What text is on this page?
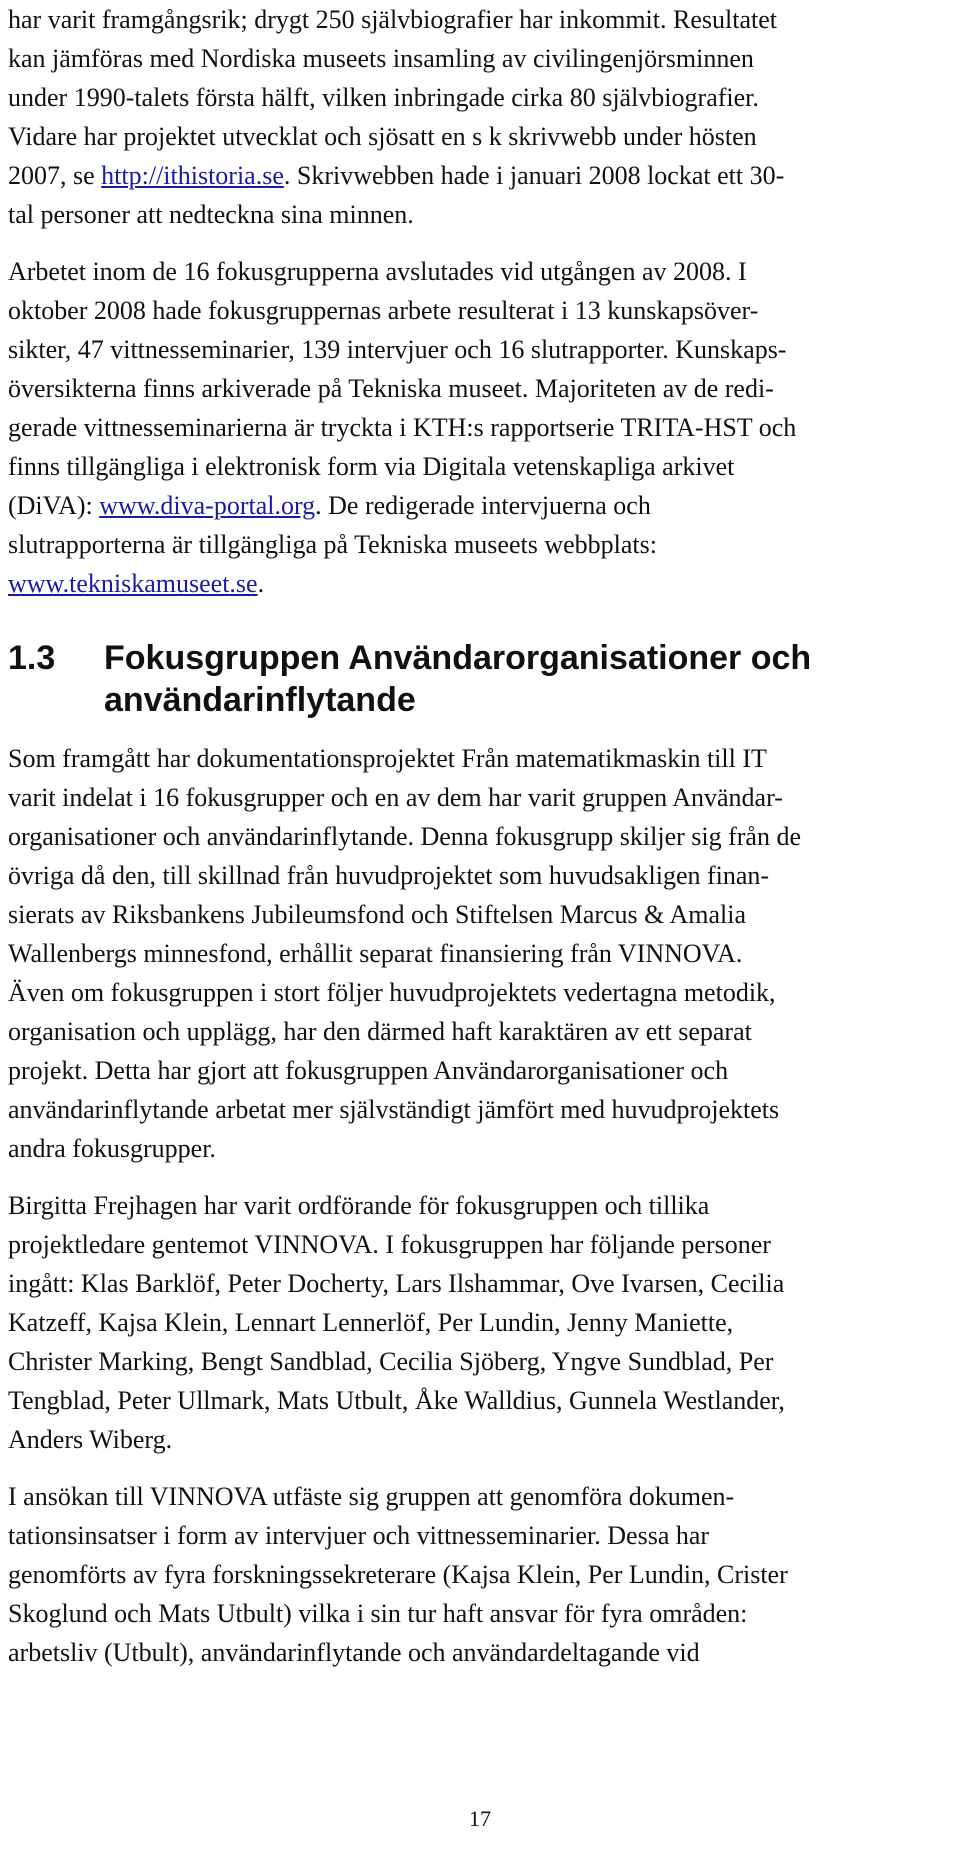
har varit framgångsrik; drygt 250 självbiografier har inkommit. Resultatet
kan jämföras med Nordiska museets insamling av civilingenjörsminnen
under 1990-talets första hälft, vilken inbringade cirka 80 självbiografier.
Vidare har projektet utvecklat och sjösatt en s k skrivwebb under hösten
2007, se http://ithistoria.se. Skrivwebben hade i januari 2008 lockat ett 30-
tal personer att nedteckna sina minnen.

Arbetet inom de 16 fokusgrupperna avslutades vid utgången av 2008. I
oktober 2008 hade fokusgruppernas arbete resulterat i 13 kunskapsöver-
sikter, 47 vittnesseminarier, 139 intervjuer och 16 slutrapporter. Kunskaps-
översikterna finns arkiverade på Tekniska museet. Majoriteten av de redi-
gerade vittnesseminarierna är tryckta i KTH:s rapportserie TRITA-HST och
finns tillgängliga i elektronisk form via Digitala vetenskapliga arkivet
(DiVA): www.diva-portal.org. De redigerade intervjuerna och
slutrapporterna är tillgängliga på Tekniska museets webbplats:
www.tekniskamuseet.se.

1.3	Fokusgruppen Användarorganisationer och
användarinflytande

Som framgått har dokumentationsprojektet Från matematikmaskin till IT
varit indelat i 16 fokusgrupper och en av dem har varit gruppen Användar-
organisationer och användarinflytande. Denna fokusgrupp skiljer sig från de
övriga då den, till skillnad från huvudprojektet som huvudsakligen finan-
sierats av Riksbankens Jubileumsfond och Stiftelsen Marcus & Amalia
Wallenbergs minnesfond, erhållit separat finansiering från VINNOVA.
Även om fokusgruppen i stort följer huvudprojektets vedertagna metodik,
organisation och upplägg, har den därmed haft karaktären av ett separat
projekt. Detta har gjort att fokusgruppen Användarorganisationer och
användarinflytande arbetat mer självständigt jämfört med huvudprojektets
andra fokusgrupper.

Birgitta Frejhagen har varit ordförande för fokusgruppen och tillika
projektledare gentemot VINNOVA. I fokusgruppen har följande personer
ingått: Klas Barklöf, Peter Docherty, Lars Ilshammar, Ove Ivarsen, Cecilia
Katzeff, Kajsa Klein, Lennart Lennerlöf, Per Lundin, Jenny Maniette,
Christer Marking, Bengt Sandblad, Cecilia Sjöberg, Yngve Sundblad, Per
Tengblad, Peter Ullmark, Mats Utbult, Åke Walldius, Gunnela Westlander,
Anders Wiberg.

I ansökan till VINNOVA utfäste sig gruppen att genomföra dokumen-
tationsinsatser i form av intervjuer och vittnesseminarier. Dessa har
genomförts av fyra forskningssekreterare (Kajsa Klein, Per Lundin, Crister
Skoglund och Mats Utbult) vilka i sin tur haft ansvar för fyra områden:
arbetsliv (Utbult), användarinflytande och användardeltagande vid

17
